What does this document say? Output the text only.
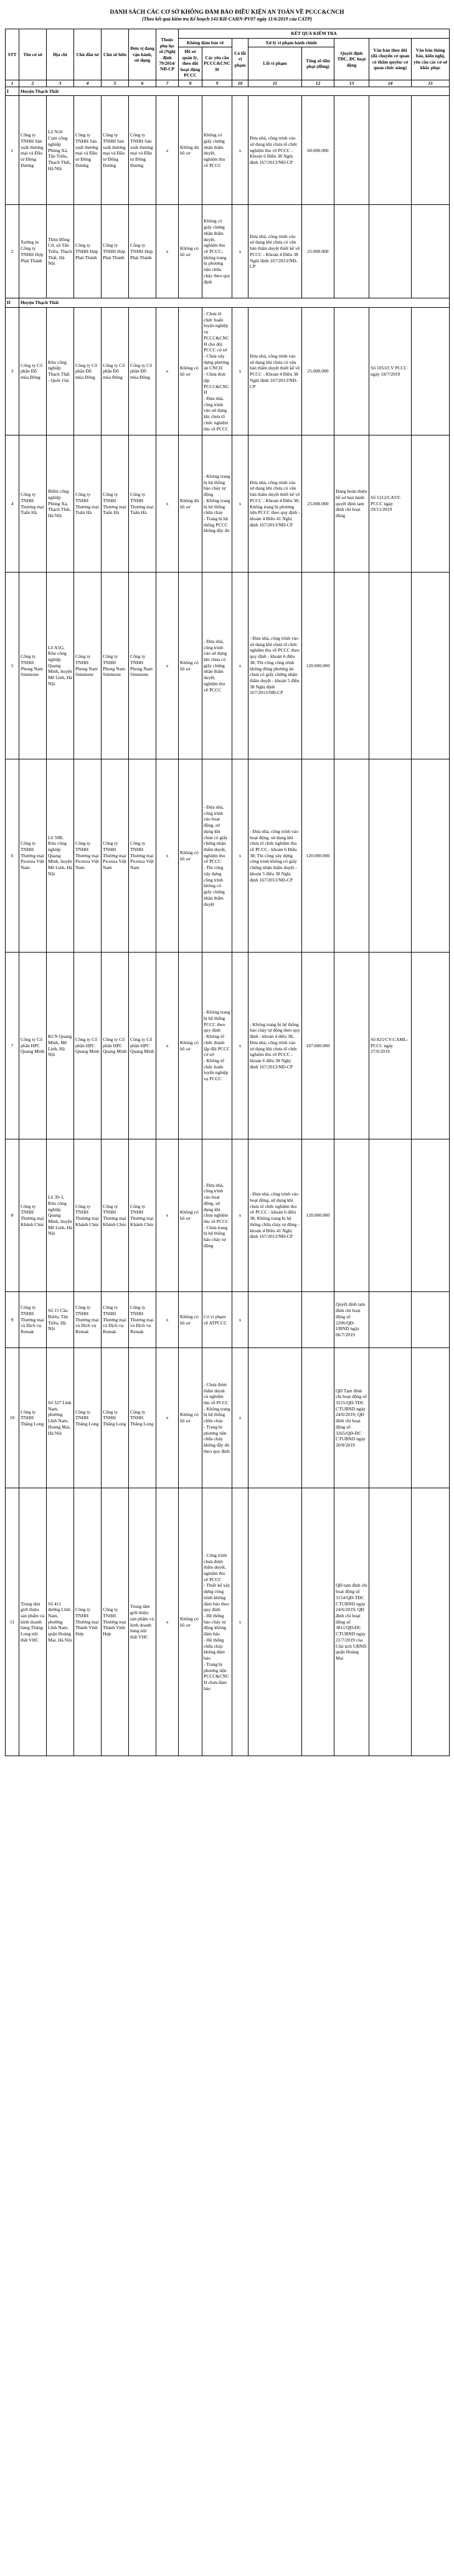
DANH SÁCH CÁC CƠ SỞ KHÔNG ĐẢM BẢO ĐIỀU KIỆN AN TOÀN VỀ PCCC&CNCH
(Theo kết quả kiểm tra Kế hoạch 141/KH-CAHN-PV07 ngày 11/6/2019 của CATP)
STT	Tên cơ sở	Địa chỉ	Chủ đầu tư	Chủ sở hữu	Đơn vị đang vận hành, sử dụng	Thuộc phụ lục số (Nghị định 79/2014/NĐ-CP	KẾT QUẢ KIỂM TRA							
							Không đảm bảo về		Có lỗi vi phạm	Xử lý vi phạm hành chính		Quyết định TĐC, ĐC hoạt động	Văn bản theo dõi (đã chuyển cơ quan có thẩm quyền/ cơ quan chức năng)	Văn bản thông báo, kiến nghị, yêu cầu các cơ sở khắc phục
							Hồ sơ quản lý, theo dõi hoạt động PCCC	Các yêu cầu PCCC&CNCH		Lỗi vi phạm	Tổng số tiền phạt (đồng)			
1	2	3	4	5	6	7	8	9	10	11	12	13	14	15
I	Huyện Thạch Thất													
1	Công ty TNHH Sản xuất thương mại và Đầu tư Đông Dương	Lô N10 Cụm công nghiệp Phùng Xá, Tân Triều, Thạch Thất, Hà Nội	Công ty TNHH Sản xuất thương mại và Đầu tư Đông Dương	Công ty TNHH Sản xuất thương mại và Đầu tư Đông Dương	Công ty TNHH Sản xuất thương mại và Đầu tư Đông Dương	x	Không đủ hồ sơ	Không có giấy chứng nhận thẩm duyệt, nghiệm thu về PCCC	x	Đưa nhà, công trình vào sử dụng khi chưa tổ chức nghiệm thu về PCCC - Khoản 6 Điều 38 Nghị định 167/2013/NĐ-CP	60.000.000			
2	Xưởng in Công ty TNHH Hợp Phát Thành	Thôn Đồng Cừ, xã Tân Triều, Thạch Thất, Hà Nội	Công ty TNHH Hợp Phát Thành	Công ty TNHH Hợp Phát Thành	Công ty TNHH Hợp Phát Thành	x	Không có hồ sơ	Không có giấy chứng nhận thẩm duyệt, nghiệm thu về PCCC; không trang bị phương tiện chữa cháy theo quy định	x	Đưa nhà, công trình vào sử dụng khi chưa có văn bản thẩm duyệt thiết kế về PCCC - Khoản 4 Điều 38 Nghị định 167/2013/NĐ-CP	25.000.000			
II	Huyện Thạch Thất													
3	Công ty Cổ phần Đỗ mùa Đông	Khu công nghiệp Thạch Thất - Quốc Oai	Công ty Cổ phần Đỗ mùa Đông	Công ty Cổ phần Đỗ mùa Đông	Công ty Cổ phần Đỗ mùa Đông	x	Không có hồ sơ	- Chưa tổ chức huấn luyện nghiệp vụ PCCC&CNCH cho đội PCCC cơ sở
- Chưa xây dựng phương án CNCH
- Chưa thực tập PCCC&CNCH
- Đưa nhà, công trình vào sử dụng khi chưa tổ chức nghiệm thu về PCCC	x	Đưa nhà, công trình vào sử dụng khi chưa có văn bản thẩm duyệt thiết kế về PCCC - Khoản 4 Điều 38 Nghị định 167/2013/NĐ-CP	25.000.000		Số 1053/CV PCCC ngày 18/7/2019	
4	Công ty TNHH Thương mại Tuấn Hà	Điểm công nghiệp Phùng Xá, Thạch Thất, Hà Nội	Công ty TNHH Thương mại Tuấn Hà	Công ty TNHH Thương mại Tuấn Hà	Công ty TNHH Thương mại Tuấn Hà	x	Không đủ hồ sơ	- Không trang bị hệ thống báo cháy tự động
- Không trang bị hệ thống chữa cháy
- Trang bị hệ thống PCCC không đầy đủ	x	Đưa nhà, công trình vào sử dụng khi chưa có văn bản thẩm duyệt thiết kế về PCCC - Khoản 4 Điều 38; Không trang bị phương tiện PCCC theo quy định - khoản 4 Điều 41 Nghị định 167/2013/NĐ-CP	25.000.000	Đang hoàn thiện hồ sơ ban hành quyết định tạm đình chỉ hoạt động	Số 1212/CAST-PCCC ngày 29/11/2019	
5	Công ty TNHH Phong Nam Simmone	Lô A5G, Khu công nghiệp Quang Minh, huyện Mê Linh, Hà Nội	Công ty TNHH Phong Nam Simmone	Công ty TNHH Phong Nam Simmone	Công ty TNHH Phong Nam Simmone	x	Không có hồ sơ	- Đưa nhà, công trình vào sử dụng khi chưa có giấy chứng nhận thẩm duyệt, nghiệm thu về PCCC	x	- Đưa nhà, công trình vào sử dụng khi chưa tổ chức nghiệm thu về PCCC theo quy định - khoản 6 điều 38; Thi công công trình không đúng phương án chưa có giấy chứng nhận thẩm duyệt - khoản 5 điều 38 Nghị định 167/2013/NĐ-CP	120.000.000			
6	Công ty TNHH Thương mại Picenza Việt Nam	Lô 59B, Khu công nghiệp Quang Minh, huyện Mê Linh, Hà Nội	Công ty TNHH Thương mại Picenza Việt Nam	Công ty TNHH Thương mại Picenza Việt Nam	Công ty TNHH Thương mại Picenza Việt Nam	x	Không có hồ sơ	- Đưa nhà, công trình vào hoạt động, sử dụng khi chưa có giấy chứng nhận thẩm duyệt, nghiệm thu về PCCC
- Thi công xây dựng công trình không có giấy chứng nhận thẩm duyệt	x	- Đưa nhà, công trình vào hoạt động, sử dụng khi chưa tổ chức nghiệm thu về PCCC - khoản 6 Điều 38; Thi công xây dựng công trình không có giấy chứng nhận thẩm duyệt - khoản 5 điều 38 Nghị định 167/2013/NĐ-CP	120.000.000			
7	Công ty Cổ phần HPC Quang Minh	KCN Quang Minh, Mê Linh, Hà Nội	Công ty Cổ phần HPC Quang Minh	Công ty Cổ phần HPC Quang Minh	Công ty Cổ phần HPC Quang Minh	x	Không có hồ sơ	- Không trang bị hệ thống PCCC theo quy định
- Không tổ chức thành lập đội PCCC cơ sở
- Không tổ chức huấn luyện nghiệp vụ PCCC	x	- Không trang bị hệ thống báo cháy tự động theo quy định - khoản 4 điều 38; Đưa nhà, công trình vào sử dụng khi chưa tổ chức nghiệm thu về PCCC - khoản 6 điều 38 Nghị định 167/2013/NĐ-CP	107.000.000		Số 825/CV-CAML-PCCC ngày 27/6/2019	
8	Công ty TNHH Thương mại Khánh Chúc	Lô 39-3, Khu công nghiệp Quang Minh, huyện Mê Linh, Hà Nội	Công ty TNHH Thương mại Khánh Chúc	Công ty TNHH Thương mại Khánh Chúc	Công ty TNHH Thương mại Khánh Chúc	x	Không có hồ sơ	- Đưa nhà, công trình vào hoạt động, sử dụng khi chưa nghiệm thu về PCCC
- Chưa trang bị hệ thống báo cháy tự động	x	- Đưa nhà, công trình vào hoạt động, sử dụng khi chưa tổ chức nghiệm thu về PCCC - khoản 6 điều 38; Không trang bị hệ thống chữa cháy tự động - khoản 4 Điều 41 Nghị định 167/2013/NĐ-CP	120.000.000			
9	Công ty TNHH Thương mại và Dịch vụ Remak	Số 15 Cầu Bươu, Tân Triều, Hà Nội	Công ty TNHH Thương mại và Dịch vụ Remak	Công ty TNHH Thương mại và Dịch vụ Remak	Công ty TNHH Thương mại và Dịch vụ Remak	x	Không có hồ sơ	Có vi phạm về ATPCCC	x			Quyết định tạm đình chỉ hoạt động số 2206/QĐ-UBND ngày 06/7/2019		
10	Công ty TNHH Thăng Long	Số 327 Lĩnh Nam, phường Lĩnh Nam, Hoàng Mai, Hà Nội	Công ty TNHH Thăng Long	Công ty TNHH Thăng Long	Công ty TNHH Thăng Long	x	Không có hồ sơ	- Chưa được thẩm duyệt và nghiệm thu về PCCC
- Không trang bị hệ thống chữa cháy
- Trang bị phương tiện chữa cháy không đầy đủ theo quy định	x			QĐ Tạm đình chỉ hoạt động số 3155/QĐ-TĐC CTUBND ngày 24/6/2019; QĐ đình chỉ hoạt động số 3265/QĐ-ĐC CTUBND ngày 20/8/2019		
11	Trung tâm giới thiệu sản phẩm và kinh doanh hàng Thăng Long nội thất VHC	Số 411 đường Lĩnh Nam, phường Lĩnh Nam, quận Hoàng Mai, Hà Nội	Công ty TNHH Thương mại Thành Vinh Hợp	Công ty TNHH Thương mại Thành Vinh Hợp	Trung tâm giới thiệu sản phẩm và kinh doanh hàng nội thất VHC	x	Không có hồ sơ	- Công trình chưa được thẩm duyệt, nghiệm thu về PCCC
- Thiết kế xây dựng công trình không đảm bảo theo quy định
- Hệ thống báo cháy tự động không đảm bảo
- Hệ thống chữa cháy không đảm bảo
- Trang bị phương tiện PCCC&CNCH chưa đảm bảo	x			QĐ tạm đình chỉ hoạt động số 3154/QĐ-TĐC CTUBND ngày 24/6/2019; QĐ đình chỉ hoạt động số 3811/QĐ-ĐC CTUBND ngày 21/7/2019 của Chủ tịch UBND quận Hoàng Mai		
